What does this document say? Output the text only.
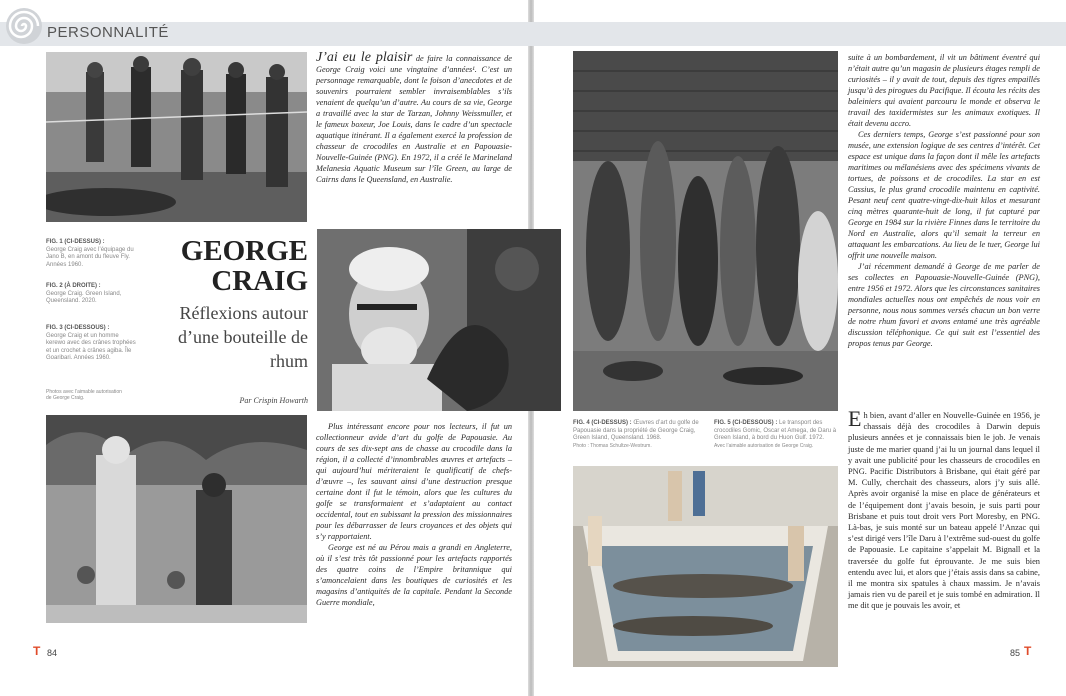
PERSONNALITÉ
FIG. 1 (CI-DESSUS) :
George Craig avec l’équipage du Jano B, en amont du fleuve Fly. Années 1960.
FIG. 2 (À DROITE) :
George Craig. Green Island, Queensland. 2020.
FIG. 3 (CI-DESSOUS) :
George Craig et un homme kerewo avec des crânes trophées et un crochet à crânes agiba. Île Goaribari. Années 1960.
Photos avec l’aimable autorisation de George Craig.
GEORGE CRAIG
Réflexions autour d’une bouteille de rhum
Par Crispin Howarth
J’ai eu le plaisir de faire la connaissance de George Craig voici une vingtaine d’années¹. C’est un personnage remarquable, dont le foison d’anecdotes et de souvenirs pourraient sembler invraisemblables s’ils venaient de quelqu’un d’autre. Au cours de sa vie, George a travaillé avec la star de Tarzan, Johnny Weissmuller, et le fameux boxeur, Joe Louis, dans le cadre d’un spectacle aquatique itinérant. Il a également exercé la profession de chasseur de crocodiles en Australie et en Papouasie-Nouvelle-Guinée (PNG). En 1972, il a créé le Marineland Melanesia Aquatic Museum sur l’île Green, au large de Cairns dans le Queensland, en Australie.
Plus intéressant encore pour nos lecteurs, il fut un collectionneur avide d’art du golfe de Papouasie. Au cours de ses dix-sept ans de chasse au crocodile dans la région, il a collecté d’innombrables œuvres et artefacts – qui aujourd’hui mériteraient le qualificatif de chefs-d’œuvre –, les sauvant ainsi d’une destruction presque certaine dont il fut le témoin, alors que les cultures du golfe se transformaient et s’adaptaient au contact occidental, tout en subissant la pression des missionnaires pour les débarrasser de leurs croyances et des objets qui s’y rapportaient.
George est né au Pérou mais a grandi en Angleterre, où il s’est très tôt passionné pour les artefacts rapportés des quatre coins de l’Empire britannique qui s’amoncelaient dans les boutiques de curiosités et les magasins d’antiquités de la capitale. Pendant la Seconde Guerre mondiale,
FIG. 4 (CI-DESSUS) : Œuvres d’art du golfe de Papouasie dans la propriété de George Craig, Green Island, Queensland. 1968.
Photo : Thomas Schultze-Westrum.
FIG. 5 (CI-DESSOUS) : Le transport des crocodiles Gomic, Oscar et Amega, de Daru à Green Island, à bord du Huon Gulf. 1972.
Avec l’aimable autorisation de George Craig.
suite à un bombardement, il vit un bâtiment éventré qui n’était autre qu’un magasin de plusieurs étages rempli de curiosités – il y avait de tout, depuis des tigres empaillés jusqu’à des pirogues du Pacifique. Il écouta les récits des baleiniers qui avaient parcouru le monde et observa le travail des taxidermistes sur les animaux exotiques. Il était devenu accro.
Ces derniers temps, George s’est passionné pour son musée, une extension logique de ses centres d’intérêt. Cet espace est unique dans la façon dont il mêle les artefacts maritimes ou mélanésiens avec des spécimens vivants de tortues, de poissons et de crocodiles. La star en est Cassius, le plus grand crocodile maintenu en captivité. Pesant neuf cent quatre-vingt-dix-huit kilos et mesurant cinq mètres quarante-huit de long, il fut capturé par George en 1984 sur la rivière Finnes dans le territoire du Nord en Australie, alors qu’il semait la terreur en attaquant les embarcations. Au lieu de le tuer, George lui offrit une nouvelle maison.
J’ai récemment demandé à George de me parler de ses collectes en Papouasie-Nouvelle-Guinée (PNG), entre 1956 et 1972. Alors que les circonstances sanitaires mondiales actuelles nous ont empêchés de nous voir en personne, nous nous sommes versés chacun un bon verre de notre rhum favori et avons entamé une très agréable discussion téléphonique. Ce qui suit est l’essentiel des propos tenus par George.
Eh bien, avant d’aller en Nouvelle-Guinée en 1956, je chassais déjà des crocodiles à Darwin depuis plusieurs années et je connaissais bien le job. Je venais juste de me marier quand j’ai lu un journal dans lequel il y avait une publicité pour les chasseurs de crocodiles en PNG. Pacific Distributors à Brisbane, qui était géré par M. Cully, cherchait des chasseurs, alors j’y suis allé. Après avoir organisé la mise en place de générateurs et de l’équipement dont j’avais besoin, je suis parti pour Brisbane et puis tout droit vers Port Moresby, en PNG. Là-bas, je suis monté sur un bateau appelé l’Anzac qui s’est dirigé vers l’île Daru à l’extrême sud-ouest du golfe de Papouasie. Le capitaine s’appelait M. Bignall et la traversée du golfe fut éprouvante. Je me suis bien entendu avec lui, et alors que j’étais assis dans sa cabine, il me montra six spatules à chaux massim. Je n’avais jamais rien vu de pareil et je suis tombé en admiration. Il me dit que je pouvais les avoir, et
T 84	85 T
